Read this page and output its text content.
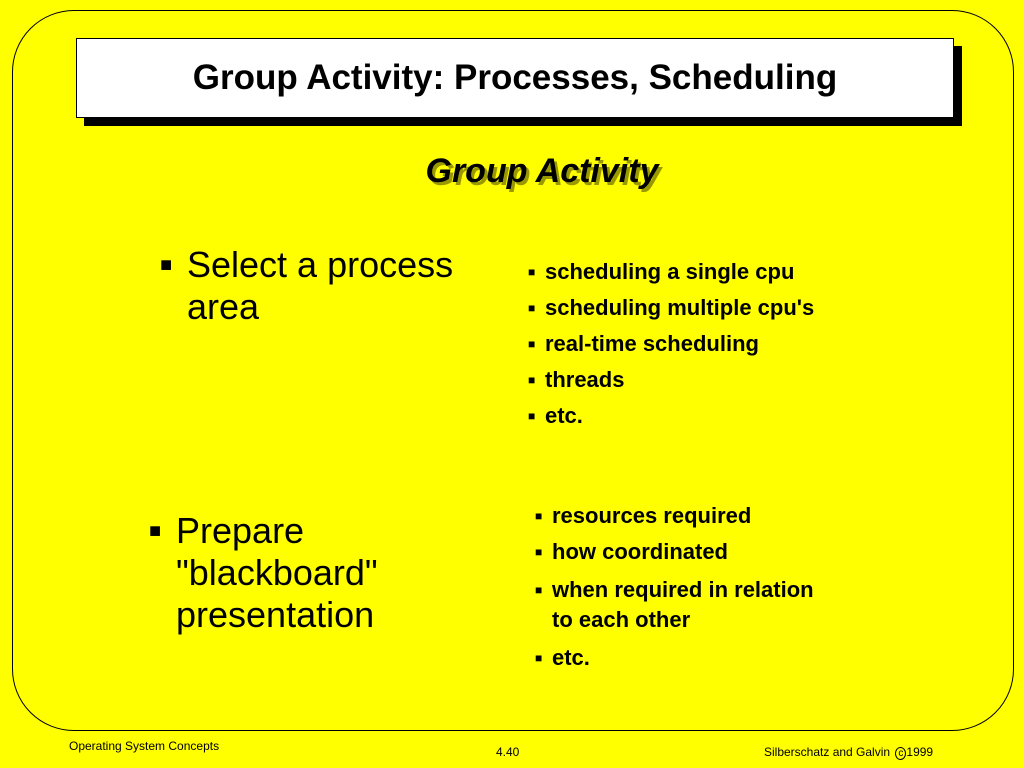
Group Activity: Processes, Scheduling
Group Activity
■ Select a process
area
■ scheduling a single cpu
■ scheduling multiple cpu's
■ real-time scheduling
■ threads
■ etc.
■ Prepare
"blackboard"
presentation
■ resources required
■ how coordinated
■ when required in relation
to each other
■ etc.
Operating System Concepts	4.40	Silberschatz and Galvin c 1999
